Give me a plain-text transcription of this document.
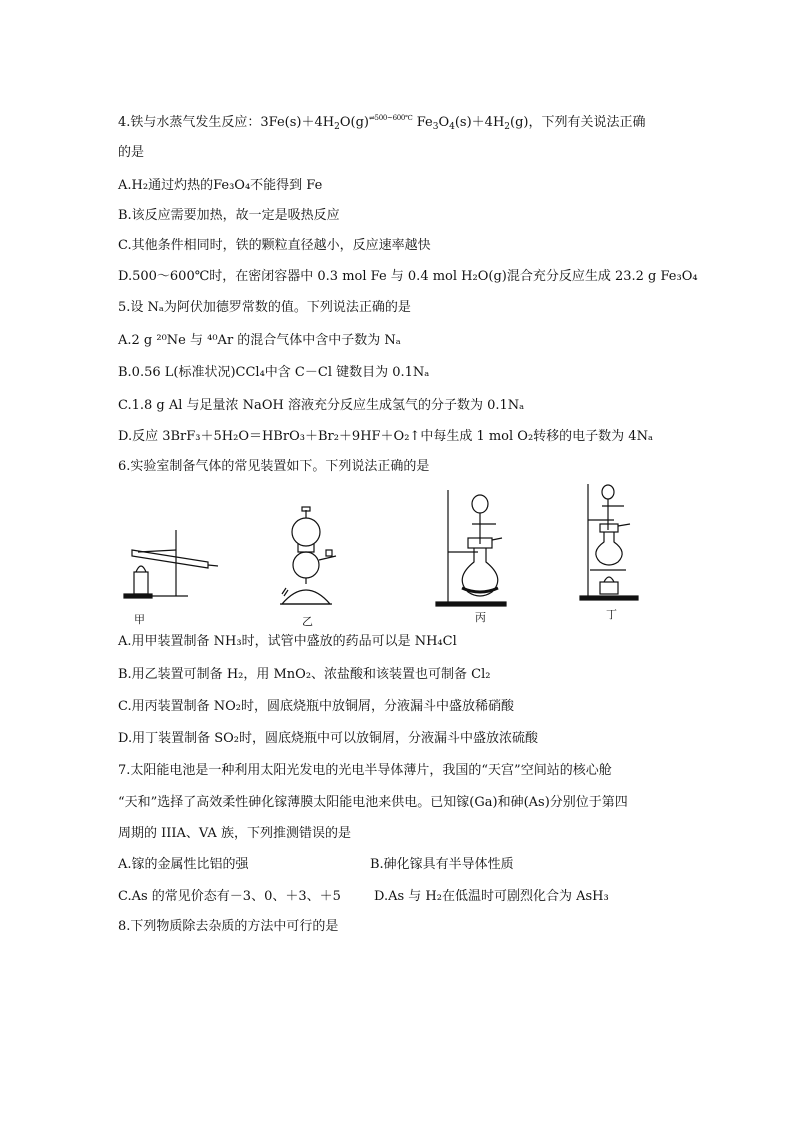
4.铁与水蒸气发生反应：$3Fe(s)+4H_2O(g)^{\rightleftharpoons 500\sim 600℃}$ $Fe_3O_4(s)+4H_2(g)$，下列有关说法正确
的是
A.H₂通过灼热的Fe₃O₄不能得到 Fe
B.该反应需要加热，故一定是吸热反应
C.其他条件相同时，铁的颗粒直径越小，反应速率越快
D.500～600℃时，在密闭容器中 0.3 mol Fe 与 0.4 mol H₂O(g)混合充分反应生成 23.2 g Fe₃O₄
5.设 Nₐ为阿伏加德罗常数的值。下列说法正确的是
A.2 g ²⁰Ne 与 ⁴⁰Ar 的混合气体中含中子数为 Nₐ
B.0.56 L(标准状况)CCl₄中含 C－Cl 键数目为 0.1Nₐ
C.1.8 g Al 与足量浓 NaOH 溶液充分反应生成氢气的分子数为 0.1Nₐ
D.反应 3BrF₃＋5H₂O＝HBrO₃＋Br₂＋9HF＋O₂↑中每生成 1 mol O₂转移的电子数为 4Nₐ
6.实验室制备气体的常见装置如下。下列说法正确的是
甲	乙	丙	丁
A.用甲装置制备 NH₃时，试管中盛放的药品可以是 NH₄Cl
B.用乙装置可制备 H₂，用 MnO₂、浓盐酸和该装置也可制备 Cl₂
C.用丙装置制备 NO₂时，圆底烧瓶中放铜屑，分液漏斗中盛放稀硝酸
D.用丁装置制备 SO₂时，圆底烧瓶中可以放铜屑，分液漏斗中盛放浓硫酸
7.太阳能电池是一种利用太阳光发电的光电半导体薄片，我国的“天宫”空间站的核心舱
“天和”选择了高效柔性砷化镓薄膜太阳能电池来供电。已知镓(Ga)和砷(As)分别位于第四
周期的 IIIA、VA 族，下列推测错误的是
A.镓的金属性比铝的强	B.砷化镓具有半导体性质
C.As 的常见价态有－3、0、＋3、＋5	D.As 与 H₂在低温时可剧烈化合为 AsH₃
8.下列物质除去杂质的方法中可行的是
